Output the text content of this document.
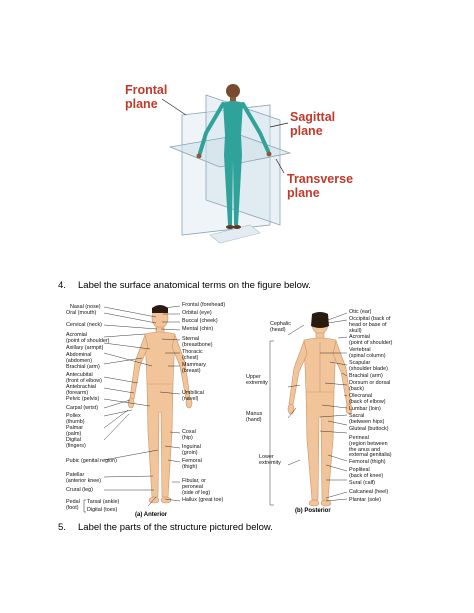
Frontal
plane
Sagittal
plane
Transverse
plane
4. Label the surface anatomical terms on the figure below.
Nasal (nose)
Oral (mouth)
Cervical (neck)
Acromial
(point of shoulder)
Axillary (armpit)
Abdominal
(abdomen)
Brachial (arm)
Antecubital
(front of elbow)
Antebrachial
(forearm)
Pelvic (pelvis)
Carpal (wrist)
Pollex
(thumb)
Palmar
(palm)
Digital
(fingers)
Pubic (genital region)
Patellar
(anterior knee)
Crural (leg)
Pedal
(foot)
Tarsal (ankle)
Digital (toes)
Frontal (forehead)
Orbital (eye)
Buccal (cheek)
Mental (chin)
Sternal
(breastbone)
Thoracic
(chest)
Mammary
(breast)
Umbilical
(navel)
Coxal
(hip)
Inguinal
(groin)
Femoral
(thigh)
Fibular, or
peroneal
(side of leg)
Hallux (great toe)
(a) Anterior
Cephalic
(head)
Upper
extremity
Manus
(hand)
Lower
extremity
Otic (ear)
Occipital (back of
head or base of
skull)
Acromial
(point of shoulder)
Vertebral
(spinal column)
Scapular
(shoulder blade)
Brachial (arm)
Dorsum or dorsal
(back)
Olecranal
(back of elbow)
Lumbar (loin)
Sacral
(between hips)
Gluteal (buttock)
Perineal
(region between
the anus and
external genitalia)
Femoral (thigh)
Popliteal
(back of knee)
Sural (calf)
Calcaneal (heel)
Plantar (sole)
(b) Posterior
5. Label the parts of the structure pictured below.
